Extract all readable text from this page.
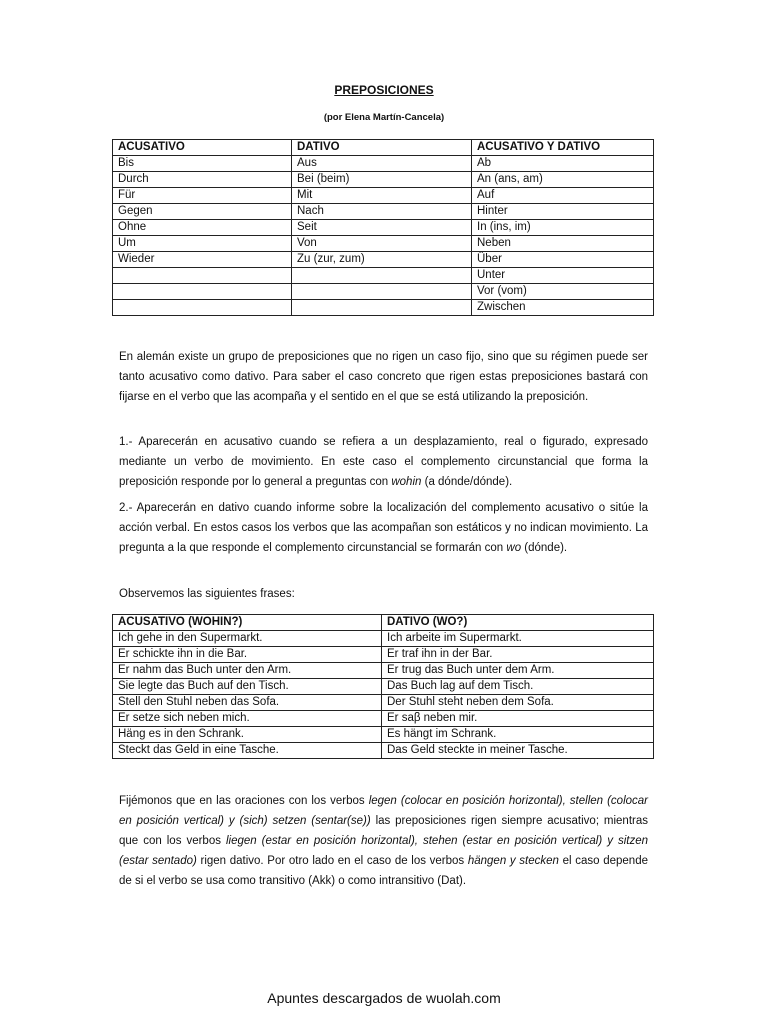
PREPOSICIONES
(por Elena Martín-Cancela)
ACUSATIVO	DATIVO	ACUSATIVO Y DATIVO
Bis	Aus	Ab
Durch	Bei (beim)	An (ans, am)
Für	Mit	Auf
Gegen	Nach	Hinter
Ohne	Seit	In (ins, im)
Um	Von	Neben
Wieder	Zu (zur, zum)	Über
		Unter
		Vor (vom)
		Zwischen

En alemán existe un grupo de preposiciones que no rigen un caso fijo, sino que su régimen puede ser tanto acusativo como dativo. Para saber el caso concreto que rigen estas preposiciones bastará con fijarse en el verbo que las acompaña y el sentido en el que se está utilizando la preposición.

1.- Aparecerán en acusativo cuando se refiera a un desplazamiento, real o figurado, expresado mediante un verbo de movimiento. En este caso el complemento circunstancial que forma la preposición responde por lo general a preguntas con wohin (a dónde/dónde).

2.- Aparecerán en dativo cuando informe sobre la localización del complemento acusativo o sitúe la acción verbal. En estos casos los verbos que las acompañan son estáticos y no indican movimiento. La pregunta a la que responde el complemento circunstancial se formarán con wo (dónde).

Observemos las siguientes frases:

ACUSATIVO (WOHIN?)	DATIVO (WO?)
Ich gehe in den Supermarkt.	Ich arbeite im Supermarkt.
Er schickte ihn in die Bar.	Er traf ihn in der Bar.
Er nahm das Buch unter den Arm.	Er trug das Buch unter dem Arm.
Sie legte das Buch auf den Tisch.	Das Buch lag auf dem Tisch.
Stell den Stuhl neben das Sofa.	Der Stuhl steht neben dem Sofa.
Er setze sich neben mich.	Er saβ neben mir.
Häng es in den Schrank.	Es hängt im Schrank.
Steckt das Geld in eine Tasche.	Das Geld steckte in meiner Tasche.

Fijémonos que en las oraciones con los verbos legen (colocar en posición horizontal), stellen (colocar en posición vertical) y (sich) setzen (sentar(se)) las preposiciones rigen siempre acusativo; mientras que con los verbos liegen (estar en posición horizontal), stehen (estar en posición vertical) y sitzen (estar sentado) rigen dativo. Por otro lado en el caso de los verbos hängen y stecken el caso depende de si el verbo se usa como transitivo (Akk) o como intransitivo (Dat).

Apuntes descargados de wuolah.com
